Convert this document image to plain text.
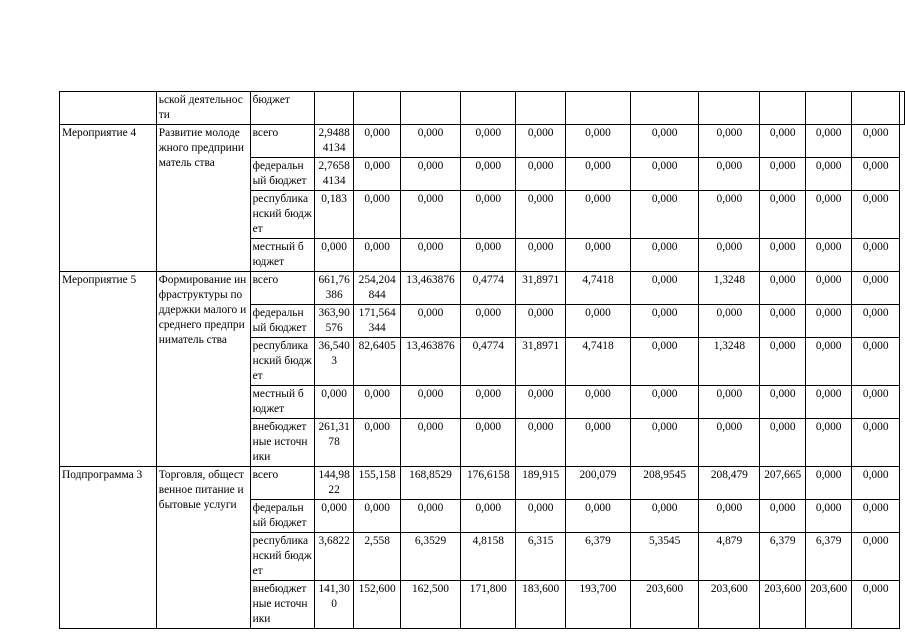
	ьской деятельности	бюджет												
Мероприятие 4	Развитие молодежного предприниматель ства	всего	2,9488 4134	0,000	0,000	0,000	0,000	0,000	0,000	0,000	0,000	0,000	0,000	
		федеральн ый бюджет	2,7658 4134	0,000	0,000	0,000	0,000	0,000	0,000	0,000	0,000	0,000	0,000	
		республика нский бюджет	0,183	0,000	0,000	0,000	0,000	0,000	0,000	0,000	0,000	0,000	0,000	
		местный бюджет	0,000	0,000	0,000	0,000	0,000	0,000	0,000	0,000	0,000	0,000	0,000	
Мероприятие 5	Формирование инфраструктуры поддержки малого и среднего предприниматель ства	всего	661,76 386	254,204 844	13,463876	0,4774	31,8971	4,7418	0,000	1,3248	0,000	0,000	0,000	
		федеральн ый бюджет	363,90 576	171,564 344	0,000	0,000	0,000	0,000	0,000	0,000	0,000	0,000	0,000	
		республика нский бюджет	36,540 3	82,6405	13,463876	0,4774	31,8971	4,7418	0,000	1,3248	0,000	0,000	0,000	
		местный бюджет	0,000	0,000	0,000	0,000	0,000	0,000	0,000	0,000	0,000	0,000	0,000	
		внебюджет ные источники	261,31 78	0,000	0,000	0,000	0,000	0,000	0,000	0,000	0,000	0,000	0,000	
Подпрограмма 3	Торговля, общественное питание и бытовые услуги	всего	144,98 22	155,158	168,8529	176,6158	189,915	200,079	208,9545	208,479	207,665	0,000	0,000	
		федеральн ый бюджет	0,000	0,000	0,000	0,000	0,000	0,000	0,000	0,000	0,000	0,000	0,000	
		республика нский бюджет	3,6822	2,558	6,3529	4,8158	6,315	6,379	5,3545	4,879	6,379	6,379	0,000	
		внебюджет ные источники	141,30 0	152,600	162,500	171,800	183,600	193,700	203,600	203,600	203,600	203,600	0,000	
